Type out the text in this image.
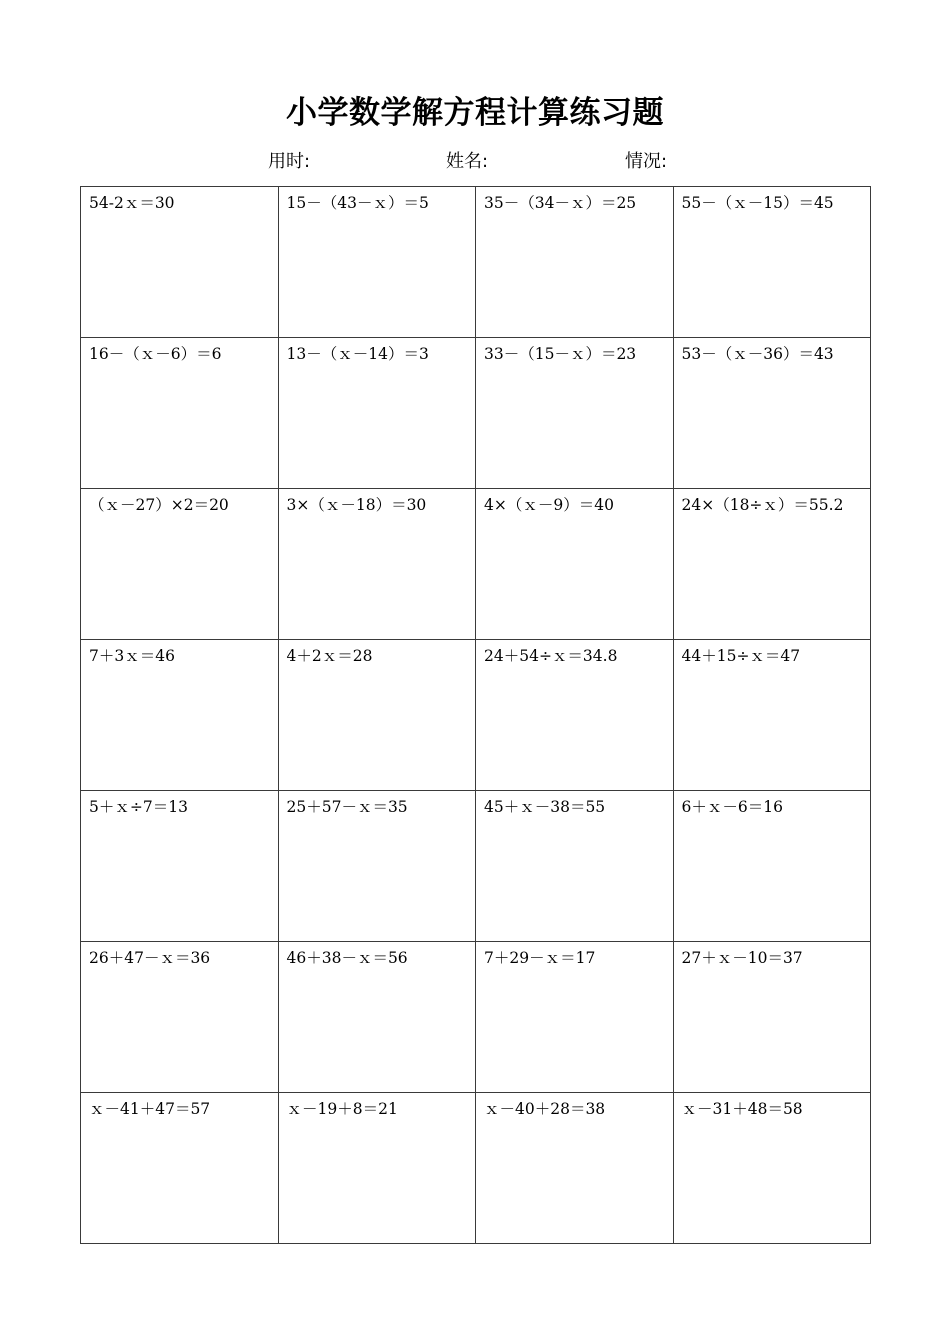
小学数学解方程计算练习题
用时:	姓名:	情况:
54-2ｘ＝30	15－（43－ｘ）＝5	35－（34－ｘ）＝25	55－（ｘ－15）＝45

16－（ｘ－6）＝6	13－（ｘ－14）＝3	33－（15－ｘ）＝23	53－（ｘ－36）＝43

（ｘ－27）×2＝20	3×（ｘ－18）＝30	4×（ｘ－9）＝40	24×（18÷ｘ）＝55.2

7＋3ｘ＝46	4＋2ｘ＝28	24＋54÷ｘ＝34.8	44＋15÷ｘ＝47

5＋ｘ÷7＝13	25＋57－ｘ＝35	45＋ｘ－38＝55	6＋ｘ－6＝16

26＋47－ｘ＝36	46＋38－ｘ＝56	7＋29－ｘ＝17	27＋ｘ－10＝37

ｘ－41＋47＝57	ｘ－19＋8＝21	ｘ－40＋28＝38	ｘ－31＋48＝58
